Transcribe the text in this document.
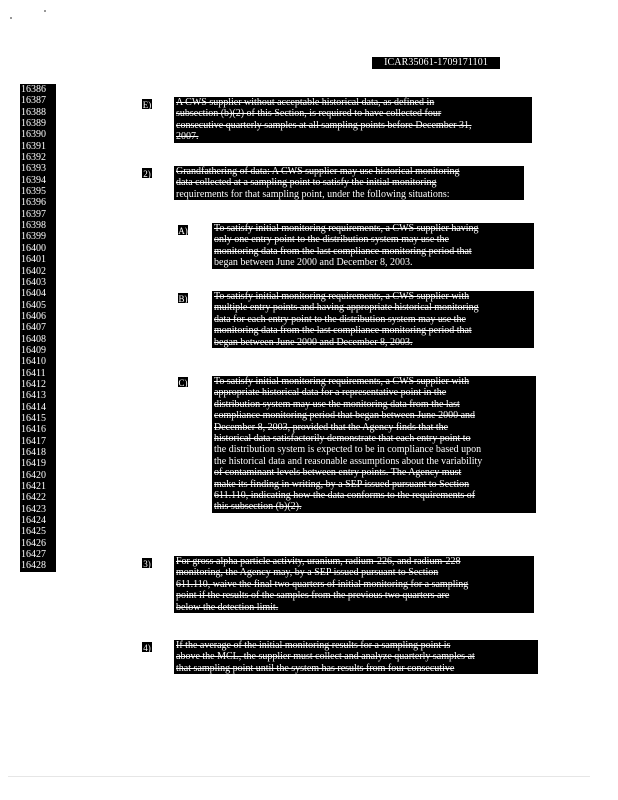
ICAR35061-1709171101
16386
16387
16388
16389
16390
16391
16392
16393
16394
16395
16396
16397
16398
16399
16400
16401
16402
16403
16404
16405
16406
16407
16408
16409
16410
16411
16412
16413
16414
16415
16416
16417
16418
16419
16420
16421
16422
16423
16424
16425
16426
16427
16428
E) A CWS supplier without acceptable historical data, as defined in
subsection (b)(2) of this Section, is required to have collected four
consecutive quarterly samples at all sampling points before December 31,
2007.
2)	Grandfathering of data: A CWS supplier may use historical monitoring
data collected at a sampling point to satisfy the initial monitoring
requirements for that sampling point, under the following situations:
A)	To satisfy initial monitoring requirements, a CWS supplier having
only one entry point to the distribution system may use the
monitoring data from the last compliance monitoring period that
began between June 2000 and December 8, 2003.
B)	To satisfy initial monitoring requirements, a CWS supplier with
multiple entry points and having appropriate historical monitoring
data for each entry point to the distribution system may use the
monitoring data from the last compliance monitoring period that
began between June 2000 and December 8, 2003.
C)	To satisfy initial monitoring requirements, a CWS supplier with
appropriate historical data for a representative point in the
distribution system may use the monitoring data from the last
compliance monitoring period that began between June 2000 and
December 8, 2003, provided that the Agency finds that the
historical data satisfactorily demonstrate that each entry point to
the distribution system is expected to be in compliance based upon
the historical data and reasonable assumptions about the variability
of contaminant levels between entry points. The Agency must
make its finding in writing, by a SEP issued pursuant to Section
611.110, indicating how the data conforms to the requirements of
this subsection (b)(2).
3)	For gross alpha particle activity, uranium, radium-226, and radium-228
monitoring, the Agency may, by a SEP issued pursuant to Section
611.110, waive the final two quarters of initial monitoring for a sampling
point if the results of the samples from the previous two quarters are
below the detection limit.
4)	If the average of the initial monitoring results for a sampling point is
above the MCL, the supplier must collect and analyze quarterly samples at
that sampling point until the system has results from four consecutive
